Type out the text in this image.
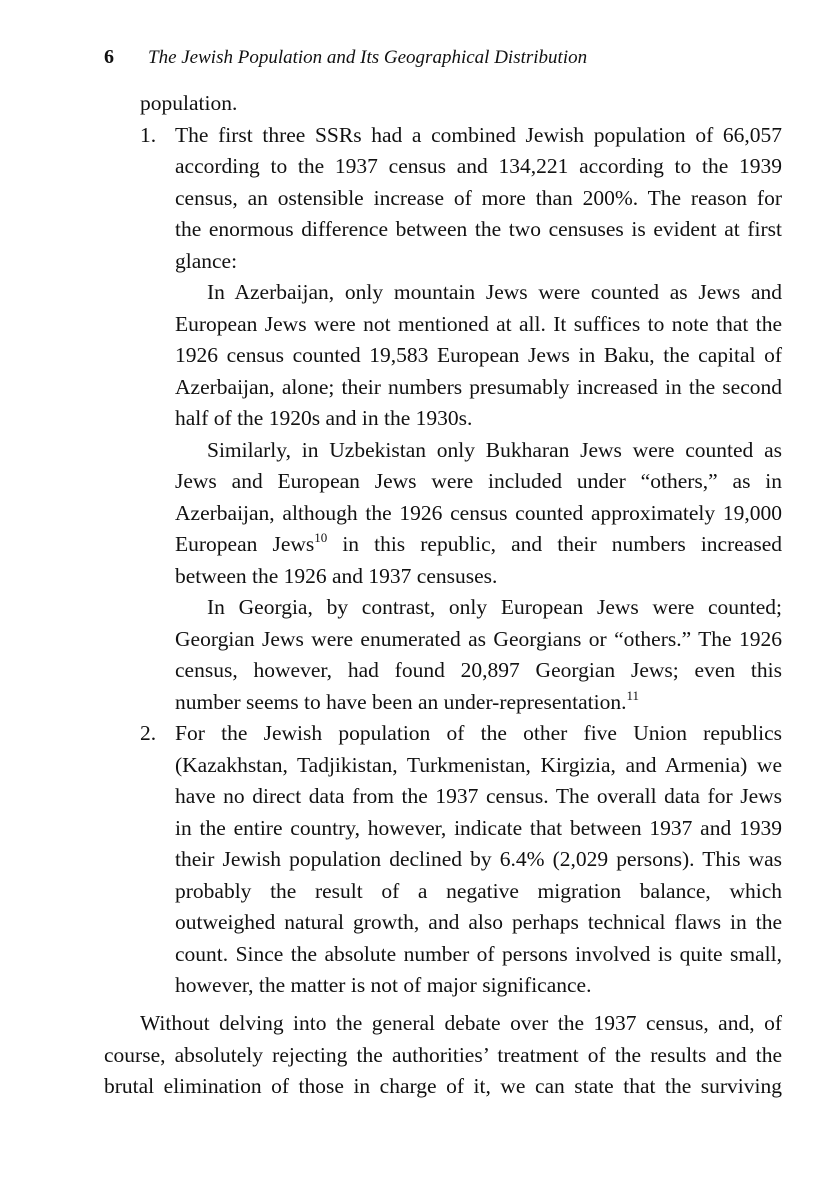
6	The Jewish Population and Its Geographical Distribution
population.
1. The first three SSRs had a combined Jewish population of 66,057
according to the 1937 census and 134,221 according to the 1939
census, an ostensible increase of more than 200%. The reason for
the enormous difference between the two censuses is evident at first
glance:
In Azerbaijan, only mountain Jews were counted as Jews and
European Jews were not mentioned at all. It suffices to note that the
1926 census counted 19,583 European Jews in Baku, the capital of
Azerbaijan, alone; their numbers presumably increased in the second
half of the 1920s and in the 1930s.
Similarly, in Uzbekistan only Bukharan Jews were counted as
Jews and European Jews were included under “others,” as in
Azerbaijan, although the 1926 census counted approximately 19,000
European Jews$^{10}$ in this republic, and their numbers increased
between the 1926 and 1937 censuses.
In Georgia, by contrast, only European Jews were counted;
Georgian Jews were enumerated as Georgians or “others.” The 1926
census, however, had found 20,897 Georgian Jews; even this
number seems to have been an under-representation.$^{11}$
2. For the Jewish population of the other five Union republics
(Kazakhstan, Tadjikistan, Turkmenistan, Kirgizia, and Armenia) we
have no direct data from the 1937 census. The overall data for Jews
in the entire country, however, indicate that between 1937 and 1939
their Jewish population declined by 6.4% (2,029 persons). This was
probably the result of a negative migration balance, which
outweighed natural growth, and also perhaps technical flaws in the
count. Since the absolute number of persons involved is quite small,
however, the matter is not of major significance.
Without delving into the general debate over the 1937 census, and, of
course, absolutely rejecting the authorities’ treatment of the results and the
brutal elimination of those in charge of it, we can state that the surviving
